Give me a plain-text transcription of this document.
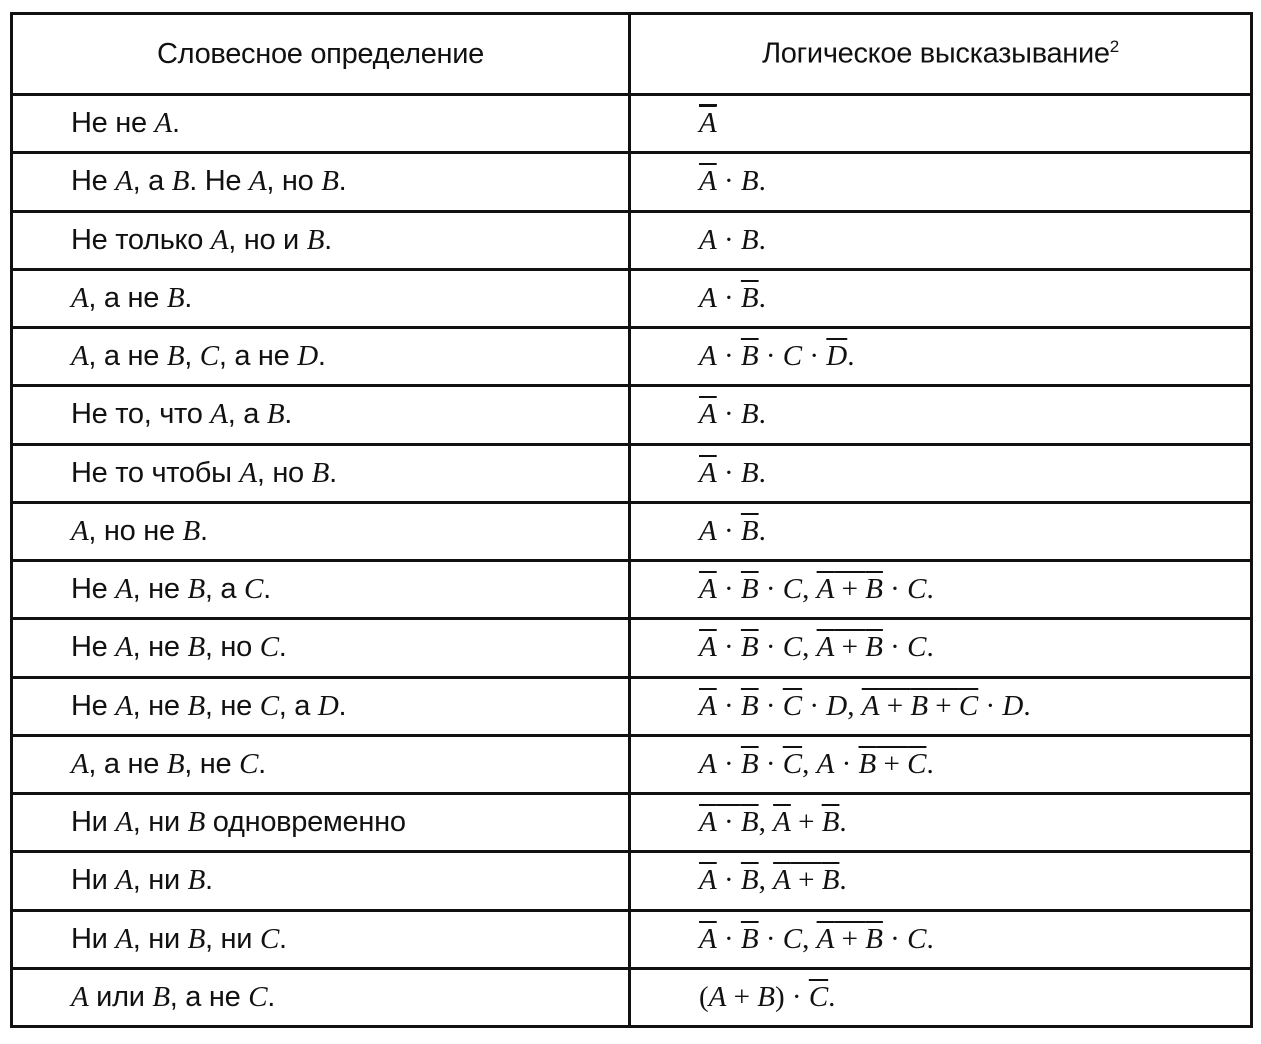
Словесное определение	Логическое высказывание$^2$
Не не A.	$\overline{A}$
Не A, а B. Не A, но B.	$\overline{A} \cdot B$.
Не только A, но и B.	A · B.
A, а не B.	$A \cdot \overline{B}$.
A, а не B, C, а не D.	$A \cdot \overline{B} \cdot C \cdot \overline{D}$.
Не то, что A, а B.	$\overline{A} \cdot B$.
Не то чтобы A, но B.	$\overline{A} \cdot B$.
A, но не B.	$A \cdot \overline{B}$.
Не A, не B, а C.	$\overline{A} \cdot \overline{B} \cdot C$, A + B · C.
Не A, не B, но C.	$\overline{A} \cdot \overline{B} \cdot C$, A + B · C.
Не A, не B, не C, а D.	$\overline{A} \cdot \overline{B} \cdot \overline{C} \cdot D$, A + B + C · D.
A, а не B, не C.	$A \cdot \overline{B} \cdot \overline{C}$, A · B + C.
Ни A, ни B одновременно	A · B, $\overline{A} + \overline{B}$.
Ни A, ни B.	$\overline{A} \cdot \overline{B}$, A + B.
Ни A, ни B, ни C.	$\overline{A} \cdot \overline{B} \cdot C$, A + B · C.
A или B, а не C.	$(A + B) \cdot \overline{C}$.
